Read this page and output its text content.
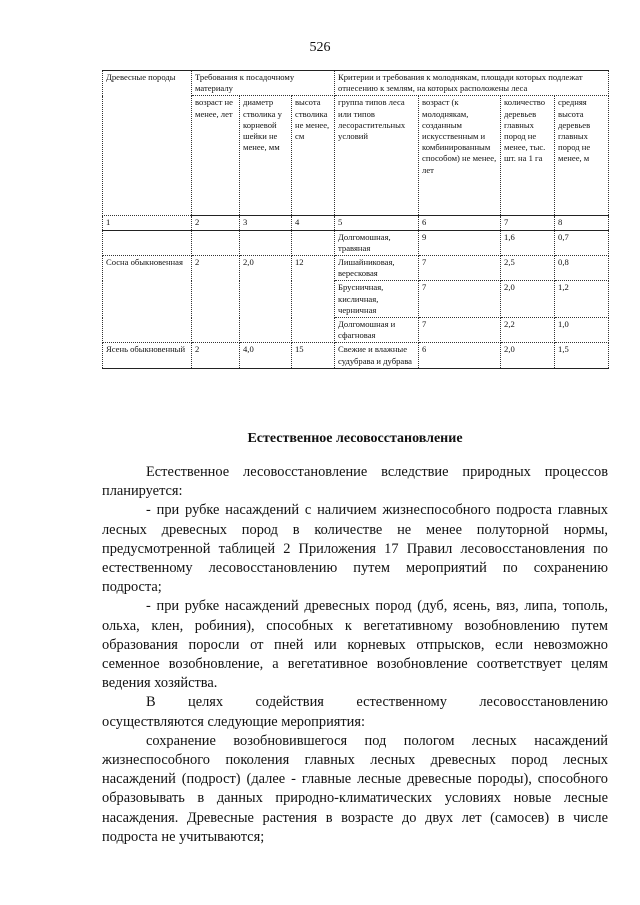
526
Древесные породы	Требования к посадочному материалу			Критерии и требования к молоднякам, площади которых подлежат отнесению к землям, на которых расположены леса			
	возраст не менее, лет	диаметр стволика у корневой шейки не менее, мм	высота стволика не менее, см	группа типов леса или типов лесорастительных условий	возраст (к молоднякам, созданным искусственным и комбинированным способом) не менее, лет	количество деревьев главных пород не менее, тыс. шт. на 1 га	средняя высота деревьев главных пород не менее, м
1	2	3	4	5	6	7	8
				Долгомошная, травяная	9	1,6	0,7
Сосна обыкновенная	2	2,0	12	Лишайниковая, вересковая	7	2,5	0,8
				Брусничная, кисличная, черничная	7	2,0	1,2
				Долгомошная и сфагновая	7	2,2	1,0
Ясень обыкновенный	2	4,0	15	Свежие и влажные судубрава и дубрава	6	2,0	1,5
Естественное лесовосстановление

Естественное лесовосстановление вследствие природных процессов планируется:

- при рубке насаждений с наличием жизнеспособного подроста главных лесных древесных пород в количестве не менее полуторной нормы, предусмотренной таблицей 2 Приложения 17 Правил лесовосстановления по естественному лесовосстановлению путем мероприятий по сохранению подроста;

- при рубке насаждений древесных пород (дуб, ясень, вяз, липа, тополь, ольха, клен, робиния), способных к вегетативному возобновлению путем образования поросли от пней или корневых отпрысков, если невозможно семенное возобновление, а вегетативное возобновление соответствует целям ведения хозяйства.

В целях содействия естественному лесовосстановлению

осуществляются следующие мероприятия:

сохранение возобновившегося под пологом лесных насаждений жизнеспособного поколения главных лесных древесных пород лесных насаждений (подрост) (далее - главные лесные древесные породы), способного образовывать в данных природно-климатических условиях новые лесные насаждения. Древесные растения в возрасте до двух лет (самосев) в числе подроста не учитываются;
